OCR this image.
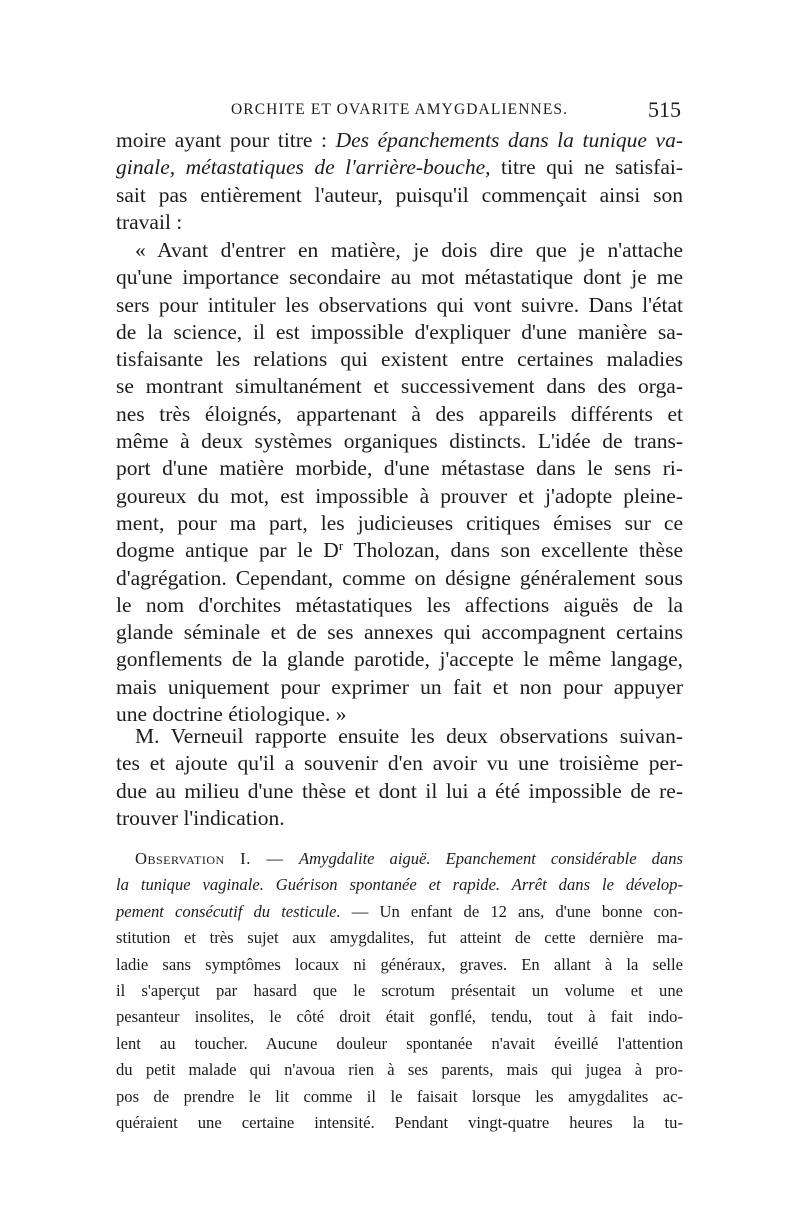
ORCHITE ET OVARITE AMYGDALIENNES.	515
moire ayant pour titre : Des épanchements dans la tunique va-
ginale, métastatiques de l'arrière-bouche, titre qui ne satisfai-
sait pas entièrement l'auteur, puisqu'il commençait ainsi son
travail :
« Avant d'entrer en matière, je dois dire que je n'attache
qu'une importance secondaire au mot métastatique dont je me
sers pour intituler les observations qui vont suivre. Dans l'état
de la science, il est impossible d'expliquer d'une manière sa-
tisfaisante les relations qui existent entre certaines maladies
se montrant simultanément et successivement dans des orga-
nes très éloignés, appartenant à des appareils différents et
même à deux systèmes organiques distincts. L'idée de trans-
port d'une matière morbide, d'une métastase dans le sens ri-
goureux du mot, est impossible à prouver et j'adopte pleine-
ment, pour ma part, les judicieuses critiques émises sur ce
dogme antique par le $D^r$ Tholozan, dans son excellente thèse
d'agrégation. Cependant, comme on désigne généralement sous
le nom d'orchites métastatiques les affections aiguës de la
glande séminale et de ses annexes qui accompagnent certains
gonflements de la glande parotide, j'accepte le même langage,
mais uniquement pour exprimer un fait et non pour appuyer
une doctrine étiologique. »
M. Verneuil rapporte ensuite les deux observations suivan-
tes et ajoute qu'il a souvenir d'en avoir vu une troisième per-
due au milieu d'une thèse et dont il lui a été impossible de re-
trouver l'indication.
Observation I. — Amygdalite aiguë. Epanchement considérable dans
la tunique vaginale. Guérison spontanée et rapide. Arrêt dans le dévelop-
pement consécutif du testicule. — Un enfant de 12 ans, d'une bonne con-
stitution et très sujet aux amygdalites, fut atteint de cette dernière ma-
ladie sans symptômes locaux ni généraux, graves. En allant à la selle
il s'aperçut par hasard que le scrotum présentait un volume et une
pesanteur insolites, le côté droit était gonflé, tendu, tout à fait indo-
lent au toucher. Aucune douleur spontanée n'avait éveillé l'attention
du petit malade qui n'avoua rien à ses parents, mais qui jugea à pro-
pos de prendre le lit comme il le faisait lorsque les amygdalites ac-
quéraient une certaine intensité. Pendant vingt-quatre heures la tu-
